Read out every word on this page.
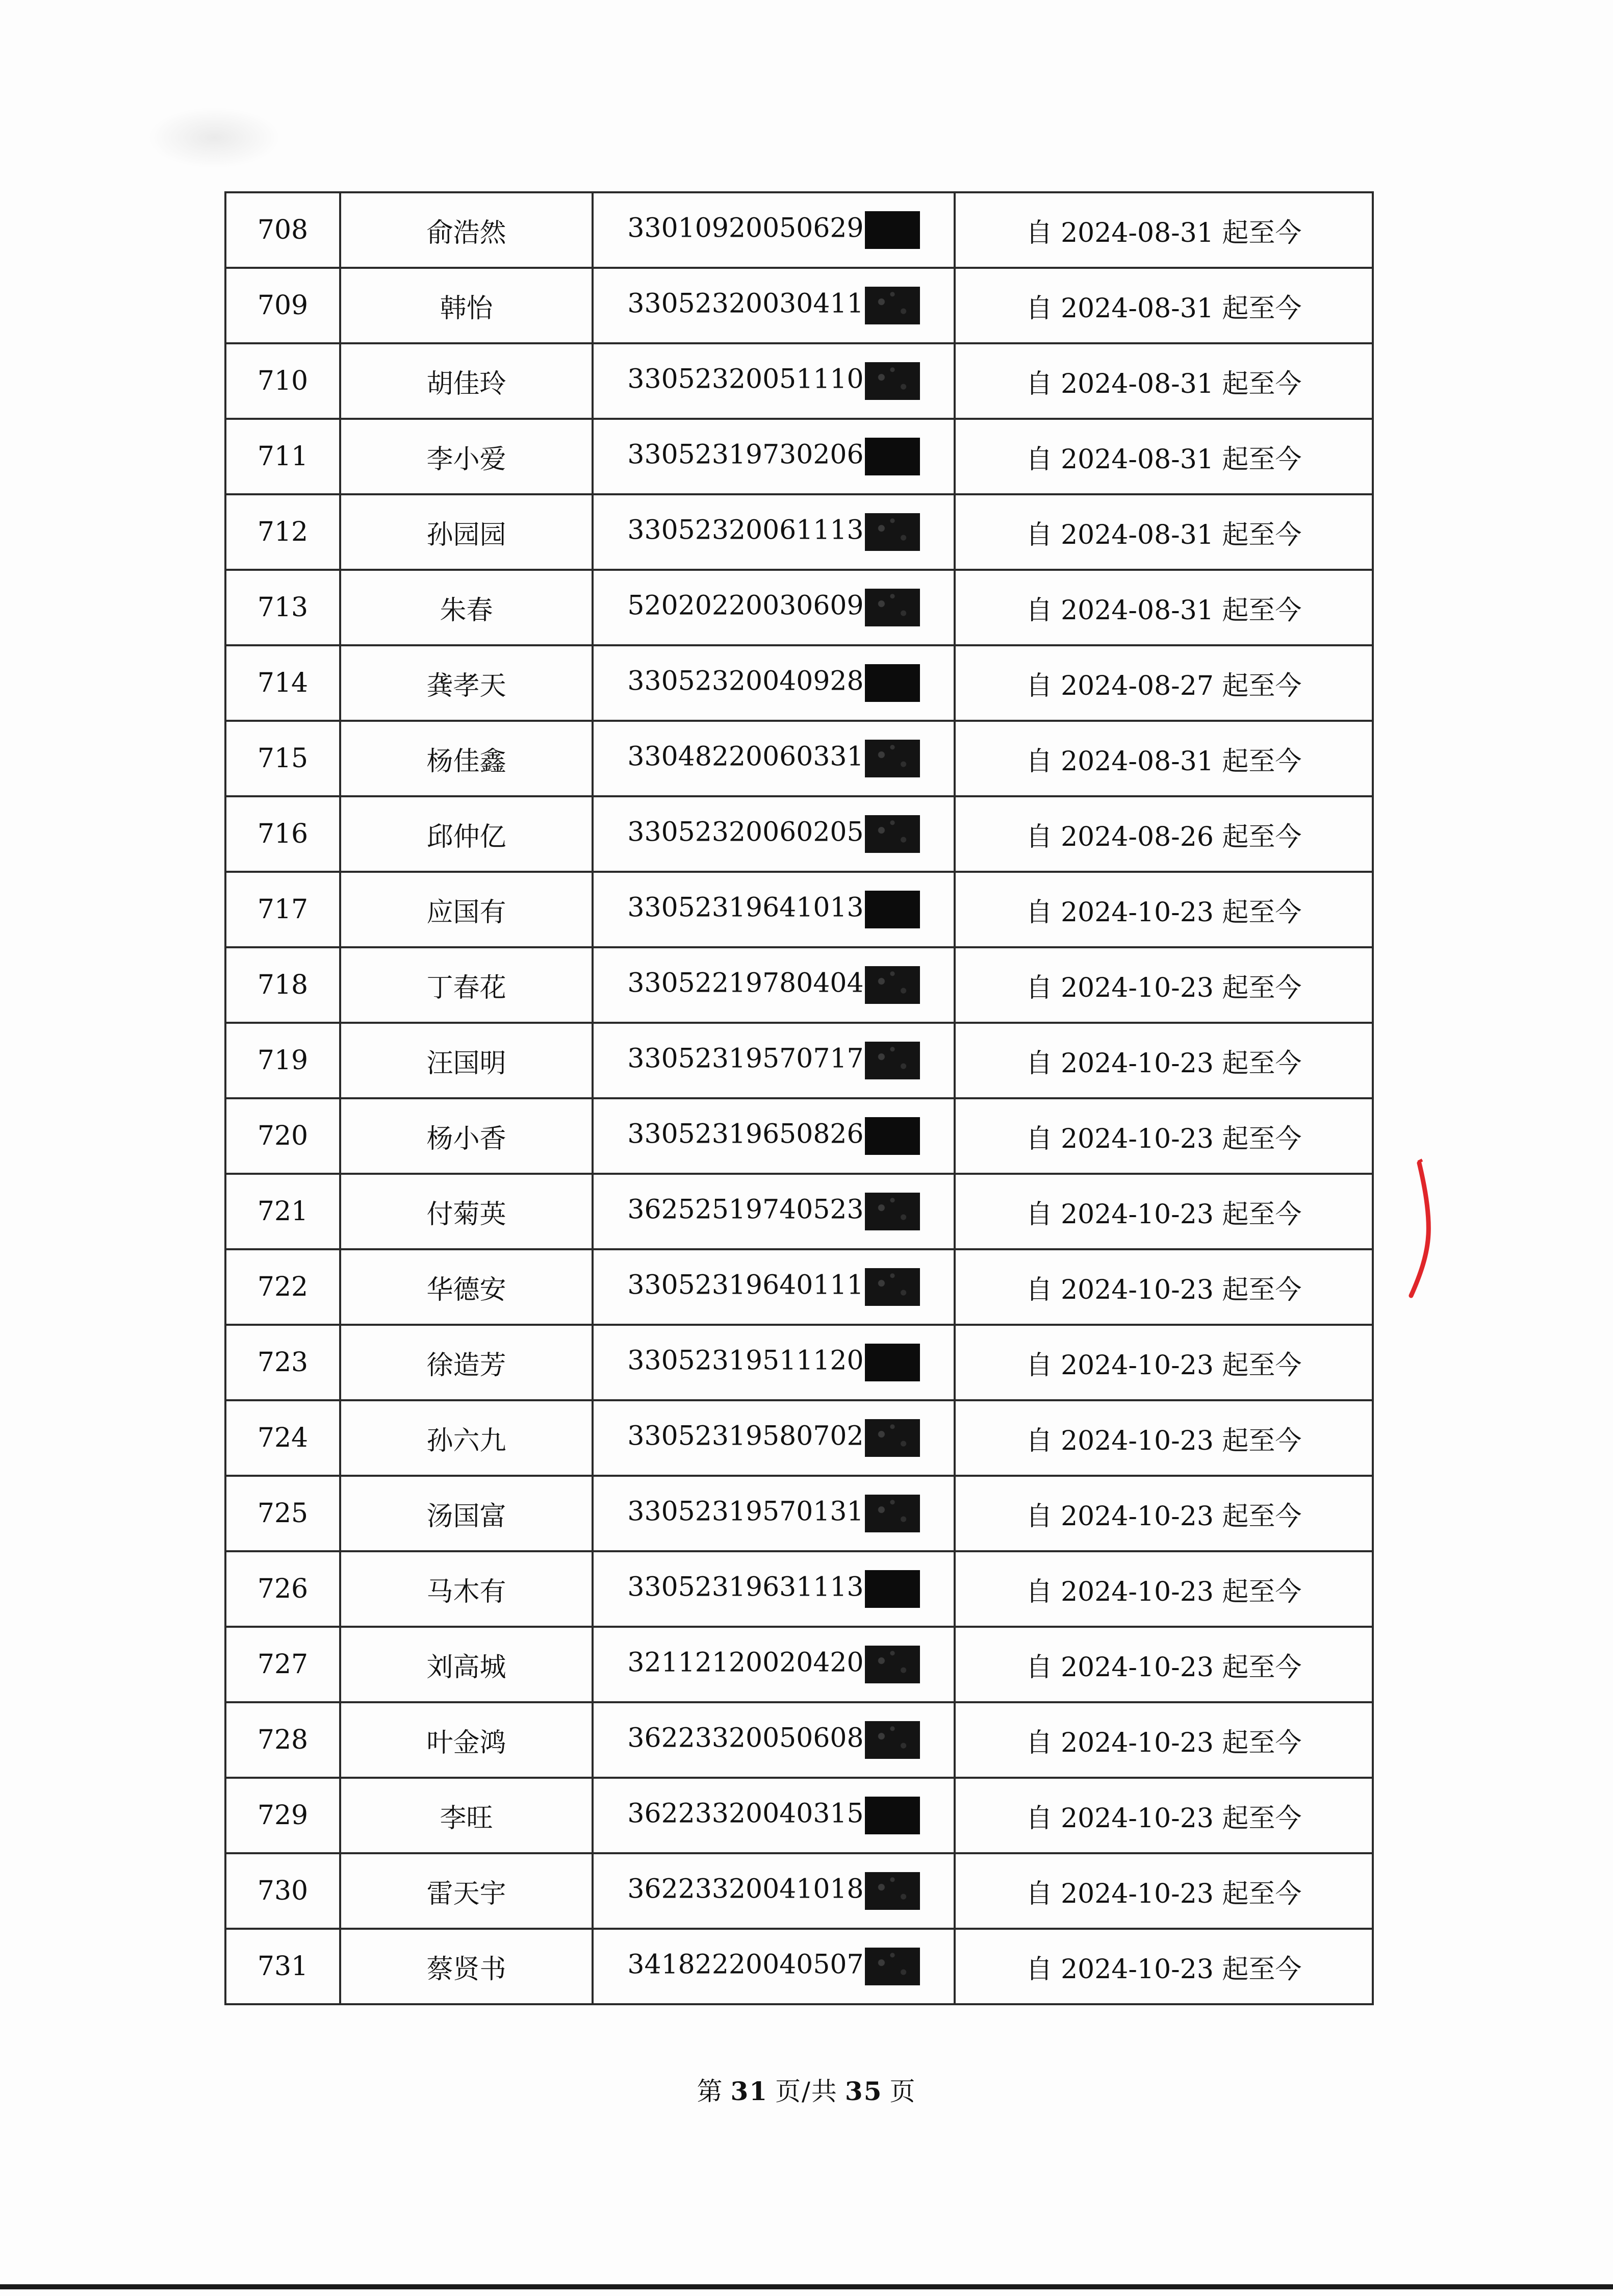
708	俞浩然	33010920050629	自 2024-08-31 起至今
709	韩怡	33052320030411	自 2024-08-31 起至今
710	胡佳玲	33052320051110	自 2024-08-31 起至今
711	李小爱	33052319730206	自 2024-08-31 起至今
712	孙园园	33052320061113	自 2024-08-31 起至今
713	朱春	52020220030609	自 2024-08-31 起至今
714	龚孝天	33052320040928	自 2024-08-27 起至今
715	杨佳鑫	33048220060331	自 2024-08-31 起至今
716	邱仲亿	33052320060205	自 2024-08-26 起至今
717	应国有	33052319641013	自 2024-10-23 起至今
718	丁春花	33052219780404	自 2024-10-23 起至今
719	汪国明	33052319570717	自 2024-10-23 起至今
720	杨小香	33052319650826	自 2024-10-23 起至今
721	付菊英	36252519740523	自 2024-10-23 起至今
722	华德安	33052319640111	自 2024-10-23 起至今
723	徐造芳	33052319511120	自 2024-10-23 起至今
724	孙六九	33052319580702	自 2024-10-23 起至今
725	汤国富	33052319570131	自 2024-10-23 起至今
726	马木有	33052319631113	自 2024-10-23 起至今
727	刘高城	32112120020420	自 2024-10-23 起至今
728	叶金鸿	36223320050608	自 2024-10-23 起至今
729	李旺	36223320040315	自 2024-10-23 起至今
730	雷天宇	36223320041018	自 2024-10-23 起至今
731	蔡贤书	34182220040507	自 2024-10-23 起至今
第 31 页/共 35 页
